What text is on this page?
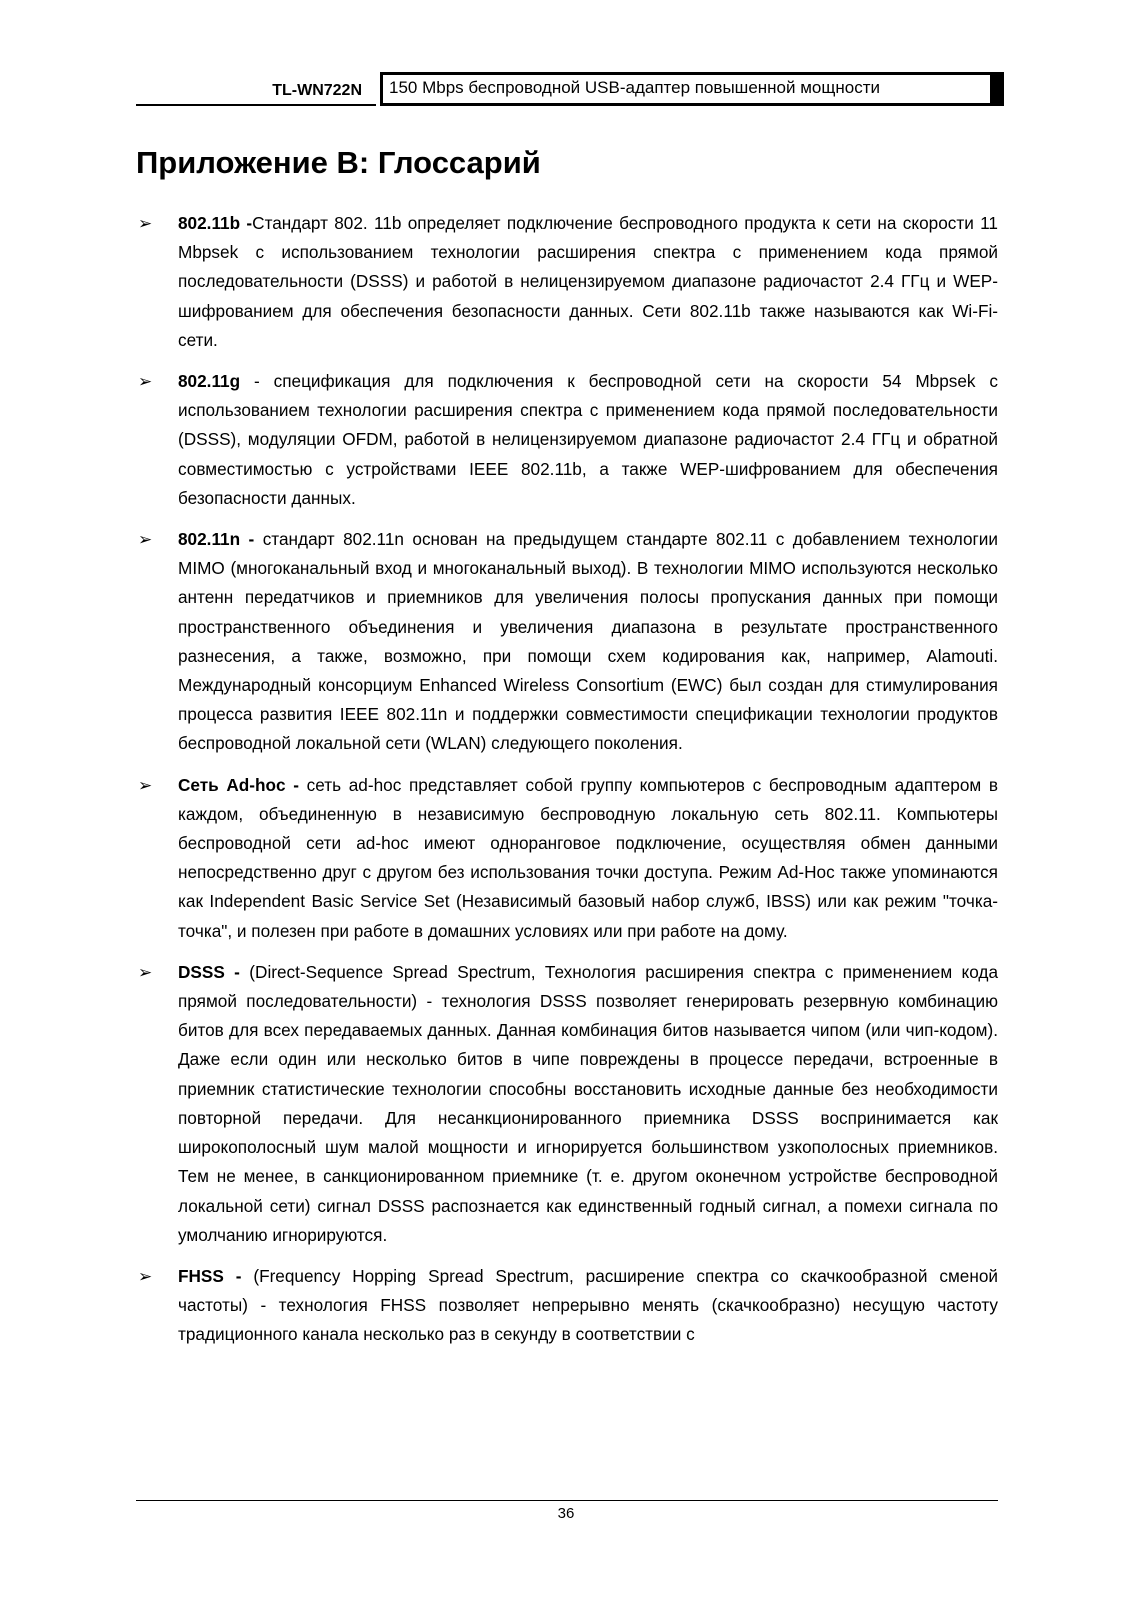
TL-WN722N 150 Mbps беспроводной USB-адаптер повышенной мощности
Приложение В: Глоссарий
➢ 802.11b -Стандарт 802. 11b определяет подключение беспроводного продукта к сети на скорости 11 Mbpsek с использованием технологии расширения спектра с применением кода прямой последовательности (DSSS) и работой в нелицензируемом диапазоне радиочастот 2.4 ГГц и WEP-шифрованием для обеспечения безопасности данных. Сети 802.11b также называются как Wi-Fi-сети.

➢ 802.11g - спецификация для подключения к беспроводной сети на скорости 54 Mbpsek с использованием технологии расширения спектра с применением кода прямой последовательности (DSSS), модуляции OFDM, работой в нелицензируемом диапазоне радиочастот 2.4 ГГц и обратной совместимостью с устройствами IEEE 802.11b, а также WEP-шифрованием для обеспечения безопасности данных.

➢ 802.11n - стандарт 802.11n основан на предыдущем стандарте 802.11 с добавлением технологии MIMO (многоканальный вход и многоканальный выход). В технологии MIMO используются несколько антенн передатчиков и приемников для увеличения полосы пропускания данных при помощи пространственного объединения и увеличения диапазона в результате пространственного разнесения, а также, возможно, при помощи схем кодирования как, например, Alamouti. Международный консорциум Enhanced Wireless Consortium (EWC) был создан для стимулирования процесса развития IEEE 802.11n и поддержки совместимости спецификации технологии продуктов беспроводной локальной сети (WLAN) следующего поколения.

➢ Сеть Ad-hoc - сеть ad-hoc представляет собой группу компьютеров с беспроводным адаптером в каждом, объединенную в независимую беспроводную локальную сеть 802.11. Компьютеры беспроводной сети ad-hoc имеют одноранговое подключение, осуществляя обмен данными непосредственно друг с другом без использования точки доступа. Режим Ad-Hoc также упоминаются как Independent Basic Service Set (Независимый базовый набор служб, IBSS) или как режим "точка-точка", и полезен при работе в домашних условиях или при работе на дому.

➢ DSSS - (Direct-Sequence Spread Spectrum, Технология расширения спектра с применением кода прямой последовательности) - технология DSSS позволяет генерировать резервную комбинацию битов для всех передаваемых данных. Данная комбинация битов называется чипом (или чип-кодом). Даже если один или несколько битов в чипе повреждены в процессе передачи, встроенные в приемник статистические технологии способны восстановить исходные данные без необходимости повторной передачи. Для несанкционированного приемника DSSS воспринимается как широкополосный шум малой мощности и игнорируется большинством узкополосных приемников. Тем не менее, в санкционированном приемнике (т. е. другом оконечном устройстве беспроводной локальной сети) сигнал DSSS распознается как единственный годный сигнал, а помехи сигнала по умолчанию игнорируются.

➢ FHSS - (Frequency Hopping Spread Spectrum, расширение спектра со скачкообразной сменой частоты) - технология FHSS позволяет непрерывно менять (скачкообразно) несущую частоту традиционного канала несколько раз в секунду в соответствии с

36
